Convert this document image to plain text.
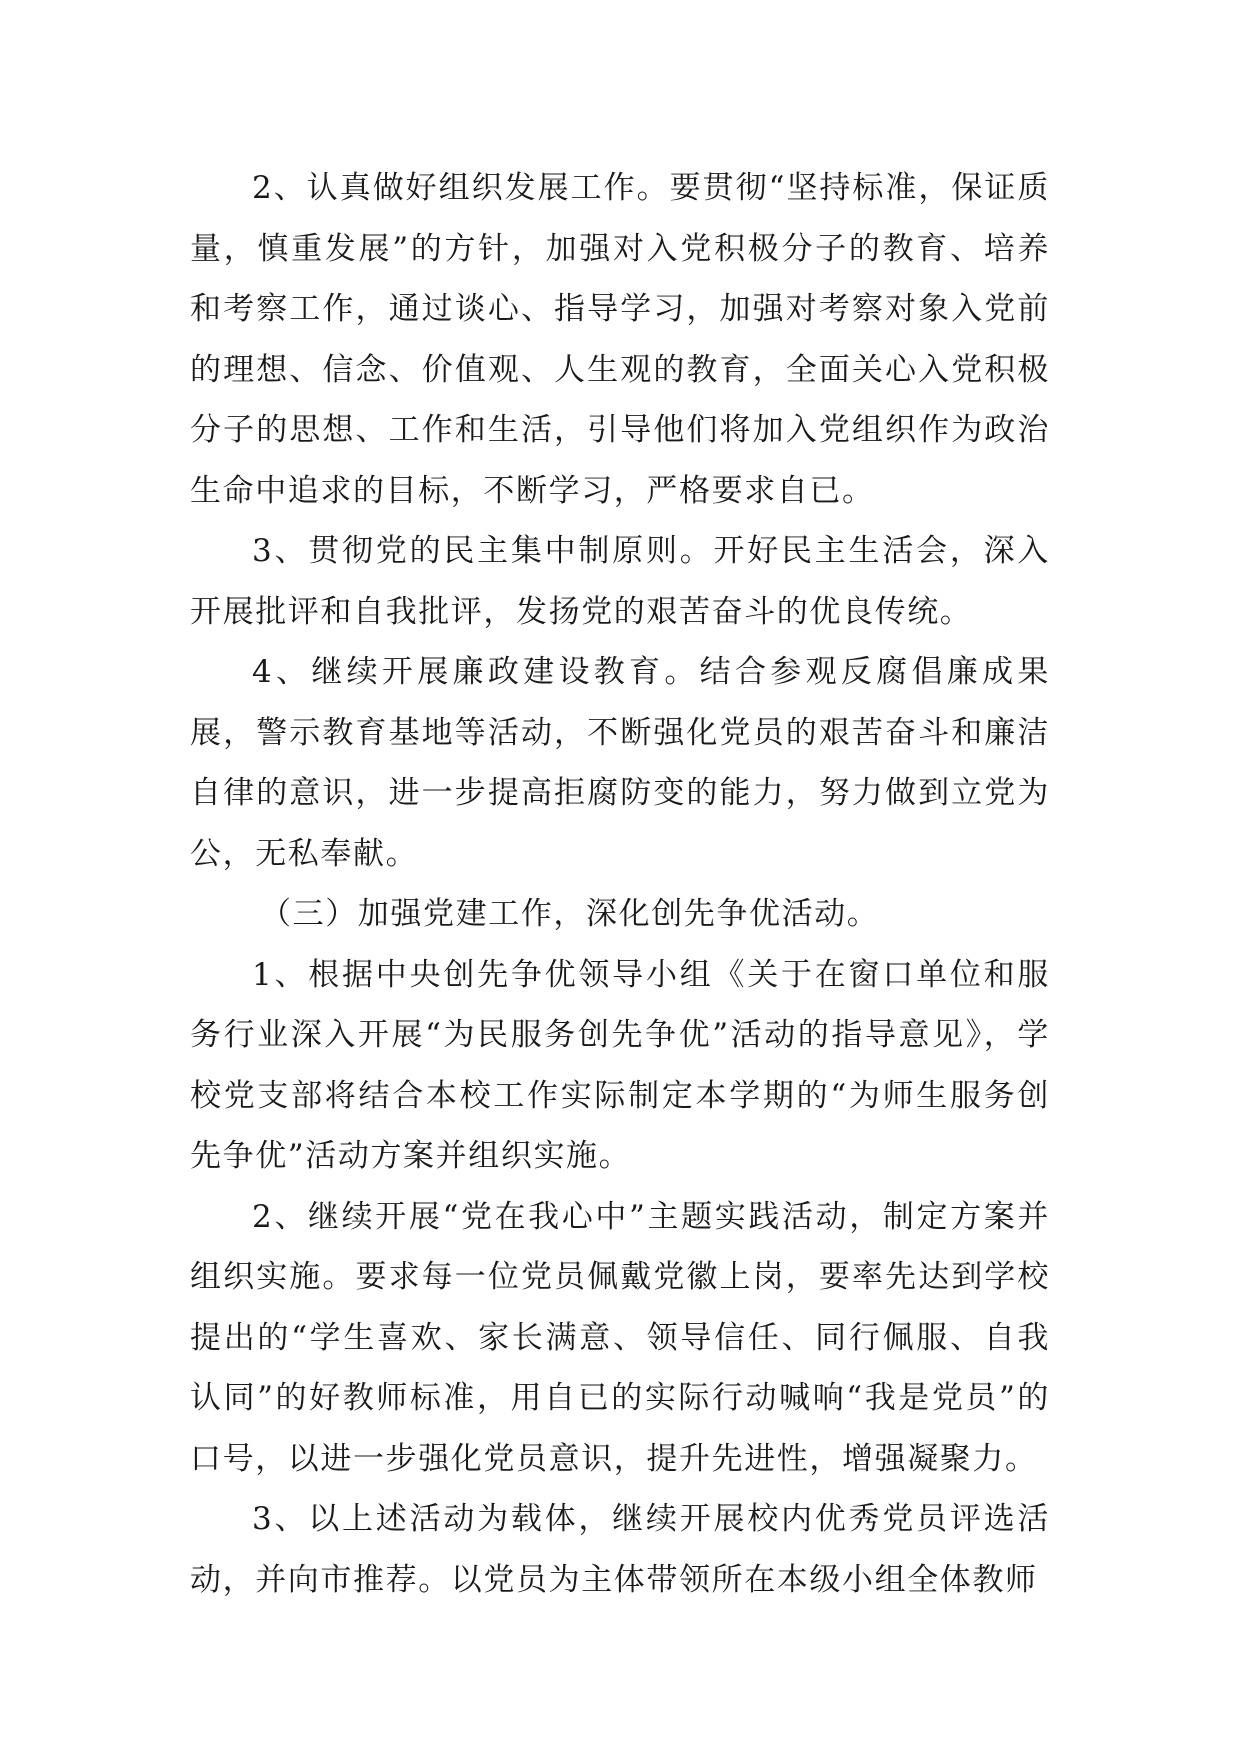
2、认真做好组织发展工作。要贯彻“坚持标准，保证质量，慎重发展”的方针，加强对入党积极分子的教育、培养和考察工作，通过谈心、指导学习，加强对考察对象入党前的理想、信念、价值观、人生观的教育，全面关心入党积极分子的思想、工作和生活，引导他们将加入党组织作为政治生命中追求的目标，不断学习，严格要求自已。

3、贯彻党的民主集中制原则。开好民主生活会，深入开展批评和自我批评，发扬党的艰苦奋斗的优良传统。

4、继续开展廉政建设教育。结合参观反腐倡廉成果展，警示教育基地等活动，不断强化党员的艰苦奋斗和廉洁自律的意识，进一步提高拒腐防变的能力，努力做到立党为公，无私奉献。

（三）加强党建工作，深化创先争优活动。

1、根据中央创先争优领导小组《关于在窗口单位和服务行业深入开展“为民服务创先争优”活动的指导意见》，学校党支部将结合本校工作实际制定本学期的“为师生服务创先争优”活动方案并组织实施。

2、继续开展“党在我心中”主题实践活动，制定方案并组织实施。要求每一位党员佩戴党徽上岗，要率先达到学校提出的“学生喜欢、家长满意、领导信任、同行佩服、自我认同”的好教师标准，用自已的实际行动喊响“我是党员”的口号，以进一步强化党员意识，提升先进性，增强凝聚力。

3、以上述活动为载体，继续开展校内优秀党员评选活动，并向市推荐。以党员为主体带领所在本级小组全体教师
